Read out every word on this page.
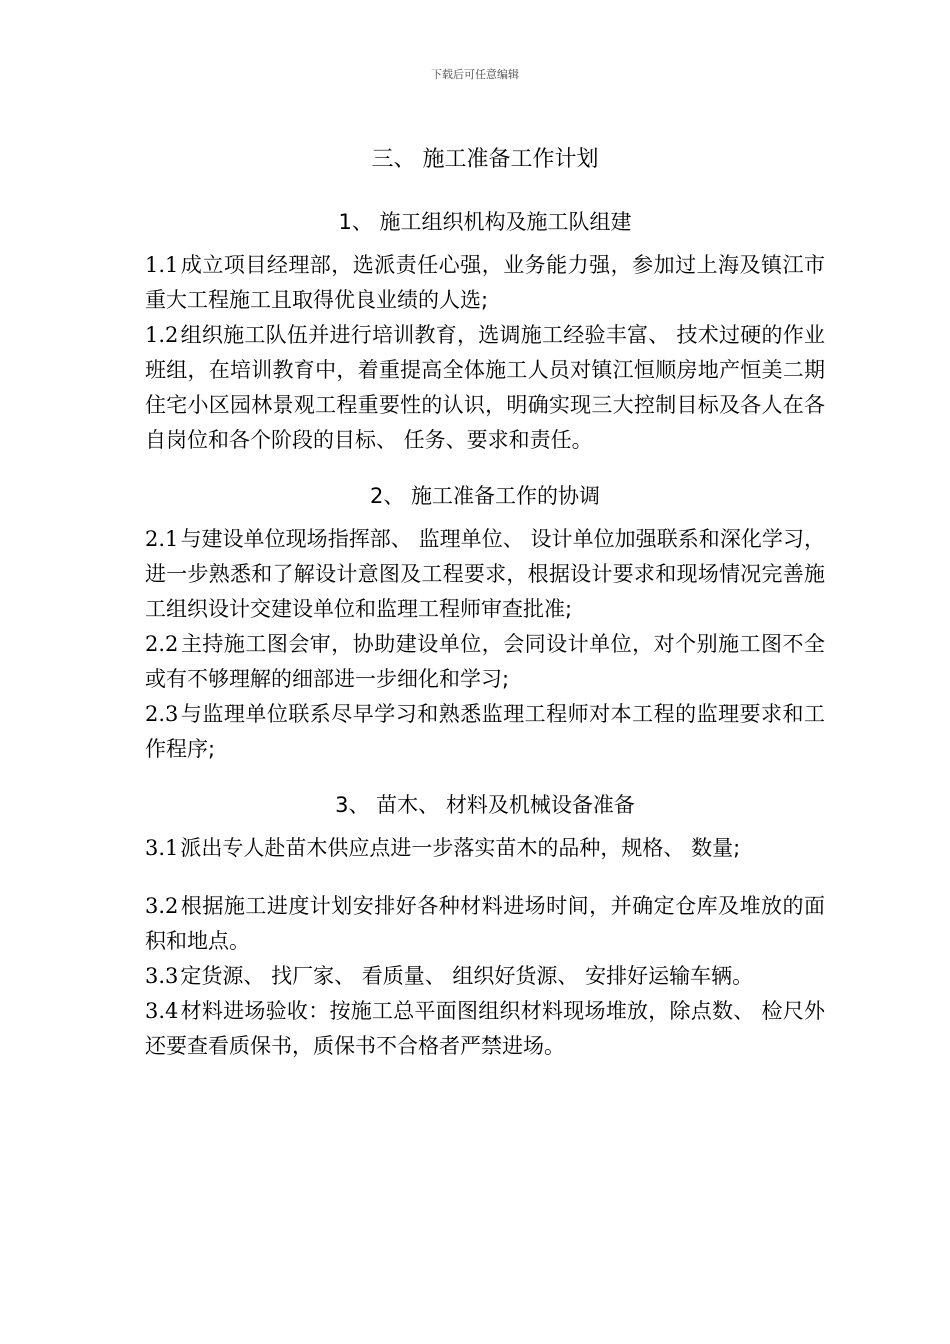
下载后可任意编辑
三、 施工准备工作计划
1、 施工组织机构及施工队组建

1.1成立项目经理部，选派责任心强，业务能力强，参加过上海及镇江市重大工程施工且取得优良业绩的人选;

1.2组织施工队伍并进行培训教育，选调施工经验丰富、 技术过硬的作业班组，在培训教育中，着重提高全体施工人员对镇江恒顺房地产恒美二期住宅小区园林景观工程重要性的认识，明确实现三大控制目标及各人在各自岗位和各个阶段的目标、 任务、要求和责任。

2、 施工准备工作的协调

2.1与建设单位现场指挥部、 监理单位、 设计单位加强联系和深化学习，进一步熟悉和了解设计意图及工程要求，根据设计要求和现场情况完善施工组织设计交建设单位和监理工程师审查批准;

2.2主持施工图会审，协助建设单位，会同设计单位，对个别施工图不全或有不够理解的细部进一步细化和学习;

2.3与监理单位联系尽早学习和熟悉监理工程师对本工程的监理要求和工作程序;

3、 苗木、 材料及机械设备准备

3.1派出专人赴苗木供应点进一步落实苗木的品种，规格、 数量;

3.2根据施工进度计划安排好各种材料进场时间，并确定仓库及堆放的面积和地点。

3.3定货源、 找厂家、 看质量、 组织好货源、 安排好运输车辆。

3.4材料进场验收：按施工总平面图组织材料现场堆放，除点数、 检尺外还要查看质保书，质保书不合格者严禁进场。
